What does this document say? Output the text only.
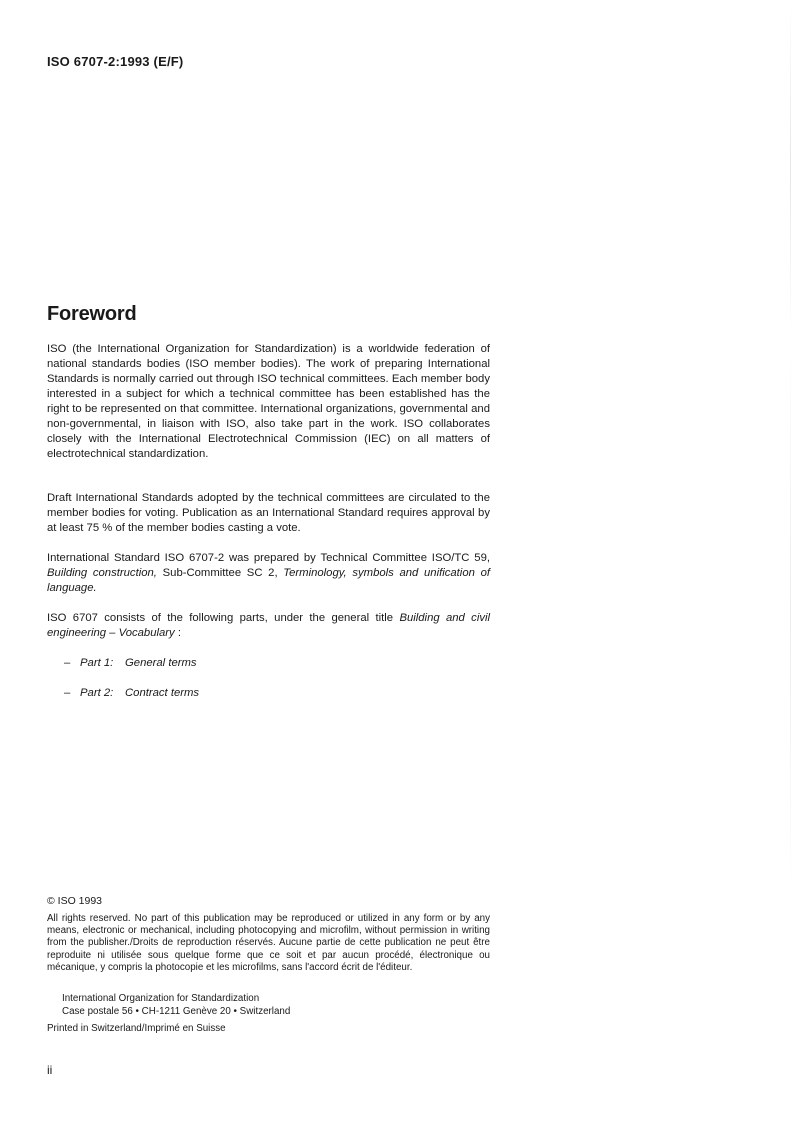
ISO 6707-2:1993 (E/F)
Foreword

ISO (the International Organization for Standardization) is a worldwide federation of national standards bodies (ISO member bodies). The work of preparing International Standards is normally carried out through ISO technical committees. Each member body interested in a subject for which a technical committee has been established has the right to be represented on that committee. International organizations, governmental and non-governmental, in liaison with ISO, also take part in the work. ISO collaborates closely with the International Electrotechnical Commission (IEC) on all matters of electrotechnical standardization.

Draft International Standards adopted by the technical committees are circulated to the member bodies for voting. Publication as an International Standard requires approval by at least 75 % of the member bodies casting a vote.

International Standard ISO 6707-2 was prepared by Technical Committee ISO/TC 59, Building construction, Sub-Committee SC 2, Terminology, symbols and unification of language.

ISO 6707 consists of the following parts, under the general title Building and civil engineering – Vocabulary :

– Part 1: General terms
– Part 2: Contract terms
© ISO 1993

All rights reserved. No part of this publication may be reproduced or utilized in any form or by any means, electronic or mechanical, including photocopying and microfilm, without permission in writing from the publisher./Droits de reproduction réservés. Aucune partie de cette publication ne peut être reproduite ni utilisée sous quelque forme que ce soit et par aucun procédé, électronique ou mécanique, y compris la photocopie et les microfilms, sans l'accord écrit de l'éditeur.

International Organization for Standardization
Case postale 56 • CH-1211 Genève 20 • Switzerland
Printed in Switzerland/Imprimé en Suisse
ii
